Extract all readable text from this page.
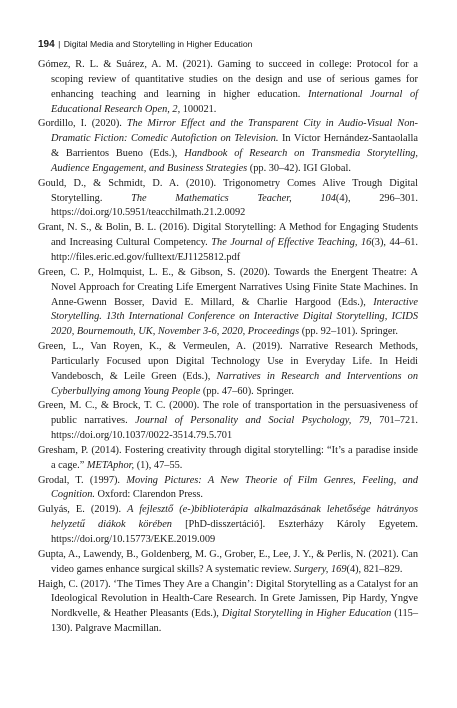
194 | Digital Media and Storytelling in Higher Education
Gómez, R. L. & Suárez, A. M. (2021). Gaming to succeed in college: Protocol for a scoping review of quantitative studies on the design and use of serious games for enhancing teaching and learning in higher education. International Journal of Educational Research Open, 2, 100021.
Gordillo, I. (2020). The Mirror Effect and the Transparent City in Audio-Visual Non-Dramatic Fiction: Comedic Autofiction on Television. In Víctor Hernández-Santaolalla & Barrientos Bueno (Eds.), Handbook of Research on Transmedia Storytelling, Audience Engagement, and Business Strategies (pp. 30–42). IGI Global.
Gould, D., & Schmidt, D. A. (2010). Trigonometry Comes Alive Trough Digital Storytelling. The Mathematics Teacher, 104(4), 296–301. https://doi.org/10.5951/teacchilmath.21.2.0092
Grant, N. S., & Bolin, B. L. (2016). Digital Storytelling: A Method for Engaging Students and Increasing Cultural Competency. The Journal of Effective Teaching, 16(3), 44–61. http://files.eric.ed.gov/fulltext/EJ1125812.pdf
Green, C. P., Holmquist, L. E., & Gibson, S. (2020). Towards the Energent Theatre: A Novel Approach for Creating Life Emergent Narratives Using Finite State Machines. In Anne-Gwenn Bosser, David E. Millard, & Charlie Hargood (Eds.), Interactive Storytelling. 13th International Conference on Interactive Digital Storytelling, ICIDS 2020, Bournemouth, UK, November 3-6, 2020, Proceedings (pp. 92–101). Springer.
Green, L., Van Royen, K., & Vermeulen, A. (2019). Narrative Research Methods, Particularly Focused upon Digital Technology Use in Everyday Life. In Heidi Vandebosch, & Leile Green (Eds.), Narratives in Research and Interventions on Cyberbullying among Young People (pp. 47–60). Springer.
Green, M. C., & Brock, T. C. (2000). The role of transportation in the persuasiveness of public narratives. Journal of Personality and Social Psychology, 79, 701–721. https://doi.org/10.1037/0022-3514.79.5.701
Gresham, P. (2014). Fostering creativity through digital storytelling: “It’s a paradise inside a cage.” METAphor, (1), 47–55.
Grodal, T. (1997). Moving Pictures: A New Theorie of Film Genres, Feeling, and Cognition. Oxford: Clarendon Press.
Gulyás, E. (2019). A fejlesztő (e-)biblioterápia alkalmazásának lehetősége hátrányos helyzetű diákok körében [PhD-disszertáció]. Eszterházy Károly Egyetem. https://doi.org/10.15773/EKE.2019.009
Gupta, A., Lawendy, B., Goldenberg, M. G., Grober, E., Lee, J. Y., & Perlis, N. (2021). Can video games enhance surgical skills? A systematic review. Surgery, 169(4), 821–829.
Haigh, C. (2017). ‘The Times They Are a Changin’: Digital Storytelling as a Catalyst for an Ideological Revolution in Health-Care Research. In Grete Jamissen, Pip Hardy, Yngve Nordkvelle, & Heather Pleasants (Eds.), Digital Storytelling in Higher Education (115–130). Palgrave Macmillan.
